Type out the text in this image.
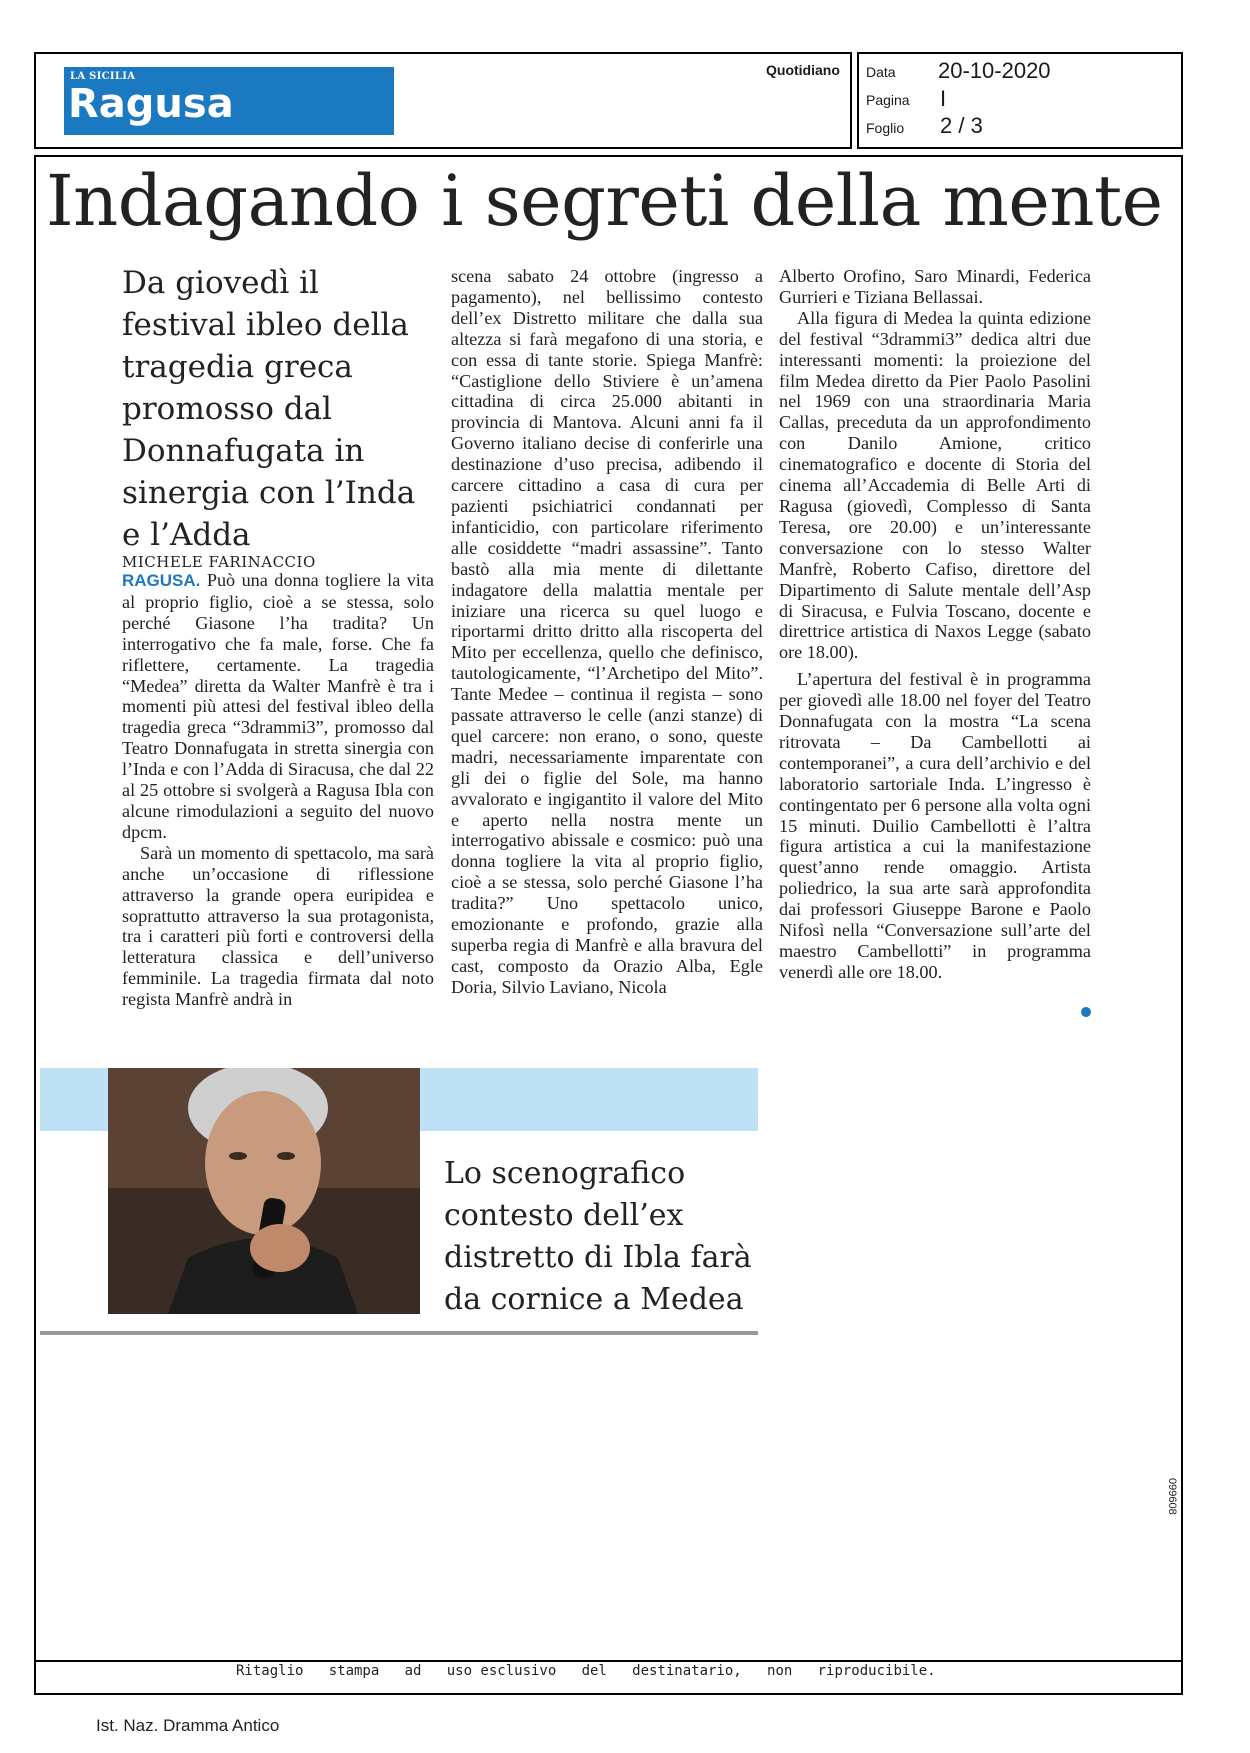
LA SICILIA
Ragusa
Quotidiano Data 20-10-2020
Pagina I
Foglio 2 / 3
Indagando i segreti della mente
Da giovedì il festival ibleo della tragedia greca promosso dal Donnafugata in sinergia con l’Inda e l’Adda
MICHELE FARINACCIO

RAGUSA. Può una donna togliere la vita al proprio figlio, cioè a se stessa, solo perché Giasone l’ha tradita? Un interrogativo che fa male, forse. Che fa riflettere, certamente. La tragedia “Medea” diretta da Walter Manfrè è tra i momenti più attesi del festival ibleo della tragedia greca “3drammi3”, promosso dal Teatro Donnafugata in stretta sinergia con l’Inda e con l’Adda di Siracusa, che dal 22 al 25 ottobre si svolgerà a Ragusa Ibla con alcune rimodulazioni a seguito del nuovo dpcm.

Sarà un momento di spettacolo, ma sarà anche un’occasione di riflessione attraverso la grande opera euripidea e soprattutto attraverso la sua protagonista, tra i caratteri più forti e controversi della letteratura classica e dell’universo femminile. La tragedia firmata dal noto regista Manfrè andrà in

scena sabato 24 ottobre (ingresso a pagamento), nel bellissimo contesto dell’ex Distretto militare che dalla sua altezza si farà megafono di una storia, e con essa di tante storie. Spiega Manfrè: “Castiglione dello Stiviere è un’amena cittadina di circa 25.000 abitanti in provincia di Mantova. Alcuni anni fa il Governo italiano decise di conferirle una destinazione d’uso precisa, adibendo il carcere cittadino a casa di cura per pazienti psichiatrici condannati per infanticidio, con particolare riferimento alle cosiddette “madri assassine”. Tanto bastò alla mia mente di dilettante indagatore della malattia mentale per iniziare una ricerca su quel luogo e riportarmi dritto dritto alla riscoperta del Mito per eccellenza, quello che definisco, tautologicamente, “l’Archetipo del Mito”. Tante Medee – continua il regista – sono passate attraverso le celle (anzi stanze) di quel carcere: non erano, o sono, queste madri, necessariamente imparentate con gli dei o figlie del Sole, ma hanno avvalorato e ingigantito il valore del Mito e aperto nella nostra mente un interrogativo abissale e cosmico: può una donna togliere la vita al proprio figlio, cioè a se stessa, solo perché Giasone l’ha tradita?” Uno spettacolo unico, emozionante e profondo, grazie alla superba regia di Manfrè e alla bravura del cast, composto da Orazio Alba, Egle Doria, Silvio Laviano, Nicola

Alberto Orofino, Saro Minardi, Federica Gurrieri e Tiziana Bellassai.

Alla figura di Medea la quinta edizione del festival “3drammi3” dedica altri due interessanti momenti: la proiezione del film Medea diretto da Pier Paolo Pasolini nel 1969 con una straordinaria Maria Callas, preceduta da un approfondimento con Danilo Amione, critico cinematografico e docente di Storia del cinema all’Accademia di Belle Arti di Ragusa (giovedì, Complesso di Santa Teresa, ore 20.00) e un’interessante conversazione con lo stesso Walter Manfrè, Roberto Cafiso, direttore del Dipartimento di Salute mentale dell’Asp di Siracusa, e Fulvia Toscano, docente e direttrice artistica di Naxos Legge (sabato ore 18.00).

L’apertura del festival è in programma per giovedì alle 18.00 nel foyer del Teatro Donnafugata con la mostra “La scena ritrovata – Da Cambellotti ai contemporanei”, a cura dell’archivio e del laboratorio sartoriale Inda. L’ingresso è contingentato per 6 persone alla volta ogni 15 minuti. Duilio Cambellotti è l’altra figura artistica a cui la manifestazione quest’anno rende omaggio. Artista poliedrico, la sua arte sarà approfondita dai professori Giuseppe Barone e Paolo Nifosì nella “Conversazione sull’arte del maestro Cambellotti” in programma venerdì alle ore 18.00.

Lo scenografico contesto dell’ex distretto di Ibla farà da cornice a Medea
Ritaglio   stampa   ad   uso esclusivo   del   destinatario,   non   riproducibile.
099608
Ist. Naz. Dramma Antico
